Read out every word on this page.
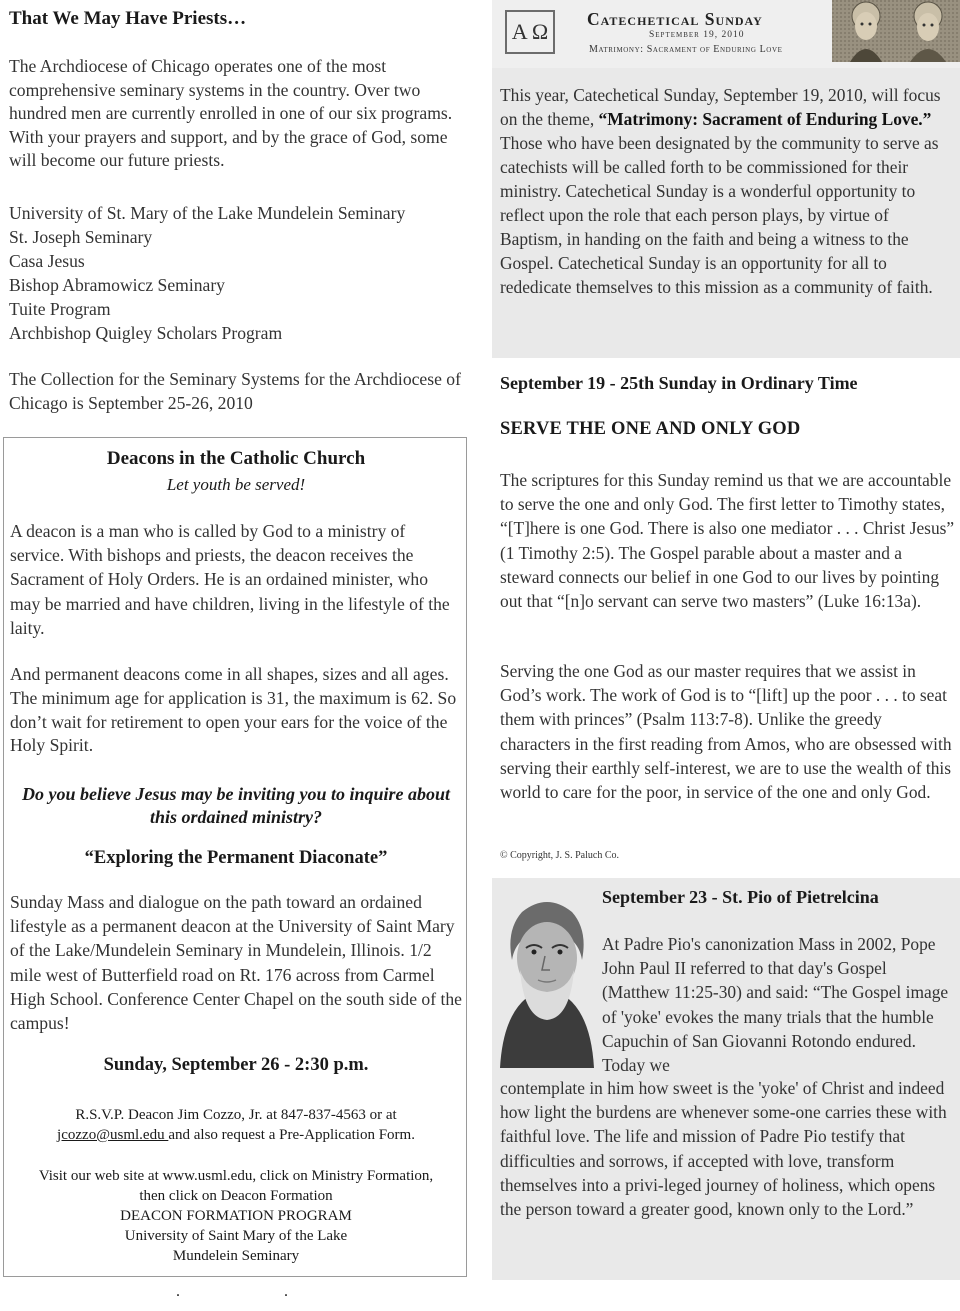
That We May Have Priests…

The Archdiocese of Chicago operates one of the most comprehensive seminary systems in the country. Over two hundred men are currently enrolled in one of our six programs. With your prayers and support, and by the grace of God, some will become our future priests.

University of St. Mary of the Lake Mundelein Seminary
St. Joseph Seminary
Casa Jesus
Bishop Abramowicz Seminary
Tuite Program
Archbishop Quigley Scholars Program

The Collection for the Seminary Systems for the Archdiocese of Chicago is September 25-26, 2010

Deacons in the Catholic Church
Let youth be served!

A deacon is a man who is called by God to a ministry of service. With bishops and priests, the deacon receives the Sacrament of Holy Orders. He is an ordained minister, who may be married and have children, living in the lifestyle of the laity.

And permanent deacons come in all shapes, sizes and all ages. The minimum age for application is 31, the maximum is 62. So don’t wait for retirement to open your ears for the voice of the Holy Spirit.

Do you believe Jesus may be inviting you to inquire about this ordained ministry?

“Exploring the Permanent Diaconate”

Sunday Mass and dialogue on the path toward an ordained lifestyle as a permanent deacon at the University of Saint Mary of the Lake/Mundelein Seminary in Mundelein, Illinois. 1/2 mile west of Butterfield road on Rt. 176 across from Carmel High School. Conference Center Chapel on the south side of the campus!

Sunday, September 26 - 2:30 p.m.
R.S.V.P. Deacon Jim Cozzo, Jr. at 847-837-4563 or at
jcozzo@usml.edu and also request a Pre-Application Form.
Visit our web site at www.usml.edu, click on Ministry Formation,
then click on Deacon Formation
DEACON FORMATION PROGRAM
University of Saint Mary of the Lake
Mundelein Seminary
. .
A Ω	Catechetical Sunday
September 19, 2010
Matrimony: Sacrament of Enduring Love

This year, Catechetical Sunday, September 19, 2010, will focus on the theme, “Matrimony: Sacrament of Enduring Love.” Those who have been designated by the community to serve as catechists will be called forth to be commissioned for their ministry. Catechetical Sunday is a wonderful opportunity to reflect upon the role that each person plays, by virtue of Baptism, in handing on the faith and being a witness to the Gospel. Catechetical Sunday is an opportunity for all to rededicate themselves to this mission as a community of faith.

September 19 - 25th Sunday in Ordinary Time
SERVE THE ONE AND ONLY GOD

The scriptures for this Sunday remind us that we are accountable to serve the one and only God. The first letter to Timothy states, “[T]here is one God. There is also one mediator . . . Christ Jesus” (1 Timothy 2:5). The Gospel parable about a master and a steward connects our belief in one God to our lives by pointing out that “[n]o servant can serve two masters” (Luke 16:13a).

Serving the one God as our master requires that we assist in God’s work. The work of God is to “[lift] up the poor . . . to seat them with princes” (Psalm 113:7-8). Unlike the greedy characters in the first reading from Amos, who are obsessed with serving their earthly self-interest, we are to use the wealth of this world to care for the poor, in service of the one and only God.

© Copyright, J. S. Paluch Co.
September 23 - St. Pio of Pietrelcina

At Padre Pio's canonization Mass in 2002, Pope John Paul II referred to that day's Gospel (Matthew 11:25-30) and said: “The Gospel image of 'yoke' evokes the many trials that the humble Capuchin of San Giovanni Rotondo endured. Today we

contemplate in him how sweet is the 'yoke' of Christ and indeed how light the burdens are whenever some-one carries these with faithful love. The life and mission of Padre Pio testify that difficulties and sorrows, if accepted with love, transform themselves into a privi-leged journey of holiness, which opens the person toward a greater good, known only to the Lord.”
